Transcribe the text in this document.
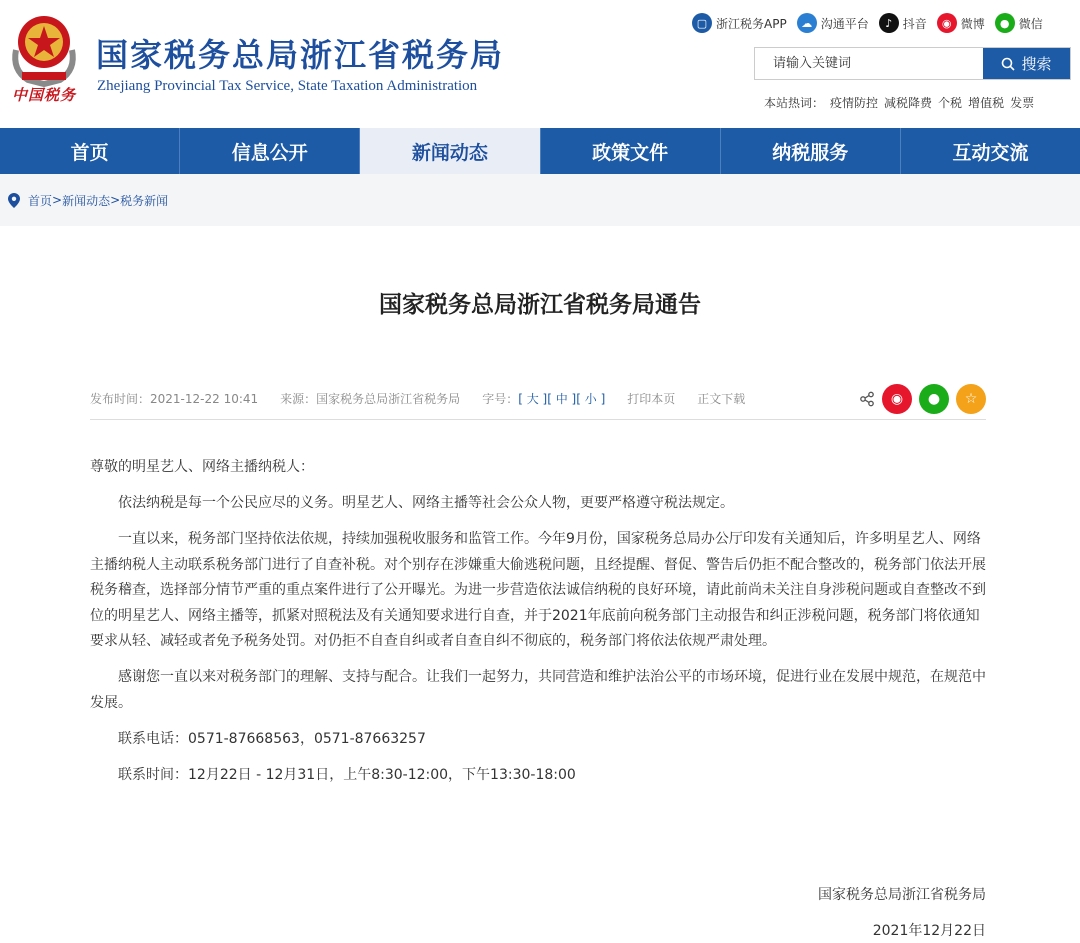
中国税务
国家税务总局浙江省税务局
Zhejiang Provincial Tax Service, State Taxation Administration
▢ 浙江税务APP	☁ 沟通平台	♪ 抖音	◉ 微博	● 微信
请输入关键词
搜索
本站热词： 疫情防控 减税降费 个税 增值税 发票
首页	信息公开	新闻动态	政策文件	纳税服务	互动交流
首页 > 新闻动态 > 税务新闻
国家税务总局浙江省税务局通告
发布时间：2021-12-22 10:41 来源：国家税务总局浙江省税务局 字号：[ 大 ][ 中 ][ 小 ] 打印本页 正文下载	◉	●	☆

尊敬的明星艺人、网络主播纳税人：

依法纳税是每一个公民应尽的义务。明星艺人、网络主播等社会公众人物，更要严格遵守税法规定。

一直以来，税务部门坚持依法依规，持续加强税收服务和监管工作。今年9月份，国家税务总局办公厅印发有关通知后，许多明星艺人、网络主播纳税人主动联系税务部门进行了自查补税。对个别存在涉嫌重大偷逃税问题，且经提醒、督促、警告后仍拒不配合整改的，税务部门依法开展税务稽查，选择部分情节严重的重点案件进行了公开曝光。为进一步营造依法诚信纳税的良好环境，请此前尚未关注自身涉税问题或自查整改不到位的明星艺人、网络主播等，抓紧对照税法及有关通知要求进行自查，并于2021年底前向税务部门主动报告和纠正涉税问题，税务部门将依通知要求从轻、减轻或者免予税务处罚。对仍拒不自查自纠或者自查自纠不彻底的，税务部门将依法依规严肃处理。

感谢您一直以来对税务部门的理解、支持与配合。让我们一起努力，共同营造和维护法治公平的市场环境，促进行业在发展中规范，在规范中发展。

联系电话：0571-87668563，0571-87663257

联系时间：12月22日 - 12月31日，上午8:30-12:00，下午13:30-18:00

国家税务总局浙江省税务局
2021年12月22日
